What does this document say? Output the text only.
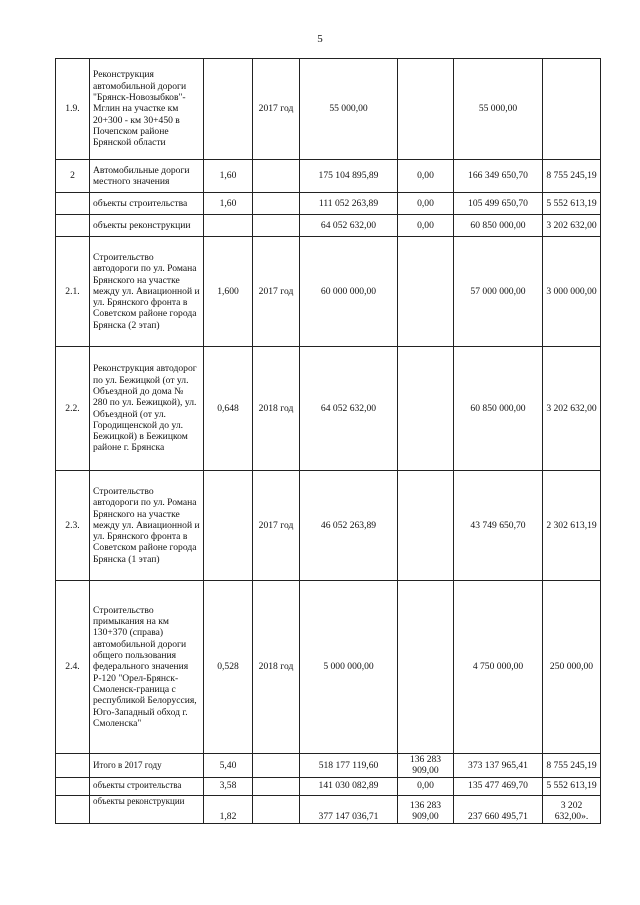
5
1.9.	Реконструкция автомобильной дороги "Брянск-Новозыбков"-Мглин на участке км 20+300 - км 30+450 в Почепском районе Брянской области		2017 год	55 000,00		55 000,00	
2	Автомобильные дороги местного значения	1,60		175 104 895,89	0,00	166 349 650,70	8 755 245,19
	объекты строительства	1,60		111 052 263,89	0,00	105 499 650,70	5 552 613,19
	объекты реконструкции			64 052 632,00	0,00	60 850 000,00	3 202 632,00
2.1.	Строительство автодороги по ул. Романа Брянского на участке между ул. Авиационной и ул. Брянского фронта в Советском районе города Брянска (2 этап)	1,600	2017 год	60 000 000,00		57 000 000,00	3 000 000,00
2.2.	Реконструкция автодорог по ул. Бежицкой (от ул. Объездной до дома № 280 по ул. Бежицкой), ул. Объездной (от ул. Городищенской до ул. Бежицкой) в Бежицком районе г. Брянска	0,648	2018 год	64 052 632,00		60 850 000,00	3 202 632,00
2.3.	Строительство автодороги по ул. Романа Брянского на участке между ул. Авиационной и ул. Брянского фронта в Советском районе города Брянска (1 этап)		2017 год	46 052 263,89		43 749 650,70	2 302 613,19
2.4.	Строительство примыкания на км 130+370 (справа) автомобильной дороги общего пользования федерального значения Р-120 "Орел-Брянск-Смоленск-граница с республикой Белоруссия, Юго-Западный обход г. Смоленска"	0,528	2018 год	5 000 000,00		4 750 000,00	250 000,00
	Итого в 2017 году	5,40		518 177 119,60	136 283 909,00	373 137 965,41	8 755 245,19
	объекты строительства	3,58		141 030 082,89	0,00	135 477 469,70	5 552 613,19
	объекты реконструкции	1,82		377 147 036,71	136 283 909,00	237 660 495,71	3 202 632,00».
